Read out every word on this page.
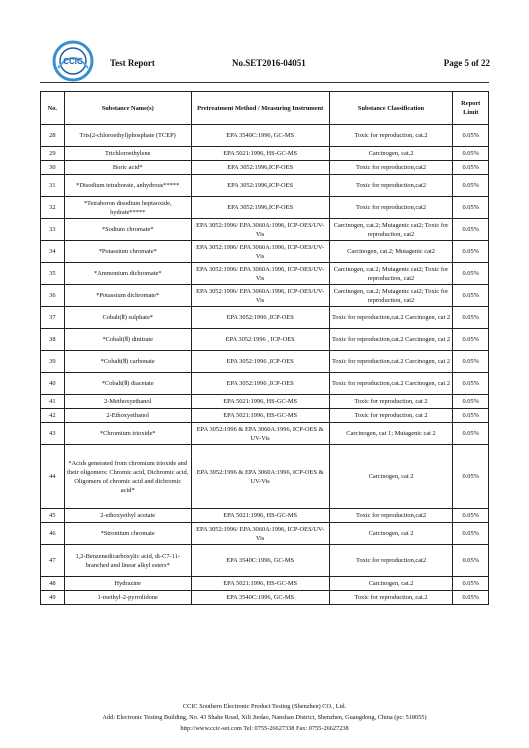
CCIC	Test Report	No.SET2016-04051	Page 5 of 22
No.	Substance Name(s)	Pretreatment Method / Measuring Instrument	Substance Classification	Report Limit
28	Tris(2-chloroethyl)phosphate (TCEP)	EPA 3540C:1996, GC-MS	Toxic for reproduction, cat.2	0.05%
29	Trichloroethylene	EPA 5021:1996, HS-GC-MS	Carcinogen, cat.2	0.05%
30	Boric acid*	EPA 3052:1996,ICP-OES	Toxic for reproduction,cat2	0.05%
31	*Disodium tetraborate, anhydrous*****	EPA 3052:1996,ICP-OES	Toxic for reproduction,cat2	0.05%
32	*Tetraboron disodium heptaoxide, hydrate*****	EPA 3052:1996,ICP-OES	Toxic for reproduction,cat2	0.05%
33	*Sodium chromate*	EPA 3052:1996/ EPA 3060A:1996, ICP-OES/UV-Vis	Carcinogen, cat.2; Mutagenic cat2; Toxic for reproduction, cat2	0.05%
34	*Potassium chromate*	EPA 3052:1996/ EPA 3060A:1996, ICP-OES/UV-Vis	Carcinogen, cat.2; Mutagenic cat2	0.05%
35	*Ammonium dichromate*	EPA 3052:1996/ EPA 3060A:1996, ICP-OES/UV-Vis	Carcinogen, cat.2; Mutagenic cat2; Toxic for reproduction, cat2	0.05%
36	*Potassium dichromate*	EPA 3052:1996/ EPA 3060A:1996, ICP-OES/UV-Vis	Carcinogen, cat.2; Mutagenic cat2; Toxic for reproduction, cat2	0.05%
37	Cobalt(Ⅱ) sulphate*	EPA 3052:1996 ,ICP-OES	Toxic for reproduction,cat.2 Carcinogen, cat 2	0.05%
38	*Cobalt(Ⅱ) dinitrate	EPA 3052:1996 , ICP-OES	Toxic for reproduction,cat.2 Carcinogen, cat 2	0.05%
39	*Cobalt(Ⅱ) carbonate	EPA 3052:1996 ,ICP-OES	Toxic for reproduction,cat.2 Carcinogen, cat 2	0.05%
40	*Cobalt(Ⅱ) diacetate	EPA 3052:1996 ,ICP-OES	Toxic for reproduction,cat.2 Carcinogen, cat 2	0.05%
41	2-Methoxyethanol	EPA 5021:1996, HS-GC-MS	Toxic for reproduction, cat 2	0.05%
42	2-Ethoxyethanol	EPA 5021:1996, HS-GC-MS	Toxic for reproduction, cat 2	0.05%
43	*Chromium trioxide*	EPA 3052:1996 & EPA 3060A:1996, ICP-OES & UV-Vis	Carcinogen, cat 1; Mutagenic cat 2	0.05%
44	*Acids generated from chromium trioxide and their oligomers: Chromic acid, Dichromic acid, Oligomers of chromic acid and dichromic acid*	EPA 3052:1996 & EPA 3060A:1996, ICP-OES & UV-Vis	Carcinogen, cat 2	0.05%
45	2-ethoxyethyl acetate	EPA 5021:1996, HS-GC-MS	Toxic for reproduction,cat2	0.05%
46	*Strontium chromate	EPA 3052:1996/ EPA 3060A:1996, ICP-OES/UV-Vis	Carcinogen, cat 2	0.05%
47	1,2-Benzenedicarboxylic acid, di-C7-11-branched and linear alkyl esters*	EPA 3540C:1996, GC-MS	Toxic for reproduction,cat2	0.05%
48	Hydrazine	EPA 5021:1996, HS-GC-MS	Carcinogen, cat.2	0.05%
49	1-methyl-2-pyrrolidone	EPA 3540C:1996, GC-MS	Toxic for reproduction, cat.2	0.05%
CCIC Southern Electronic Product Testing (Shenzhen) CO., Ltd.
Add: Electronic Testing Building, No. 43 Shahe Road, Xili Jiedao, Nanshan District, Shenzhen, Guangdong, China (pc: 518055)
http://www.ccic-set.com Tel: 0755-26627338 Fax: 0755-26627238
